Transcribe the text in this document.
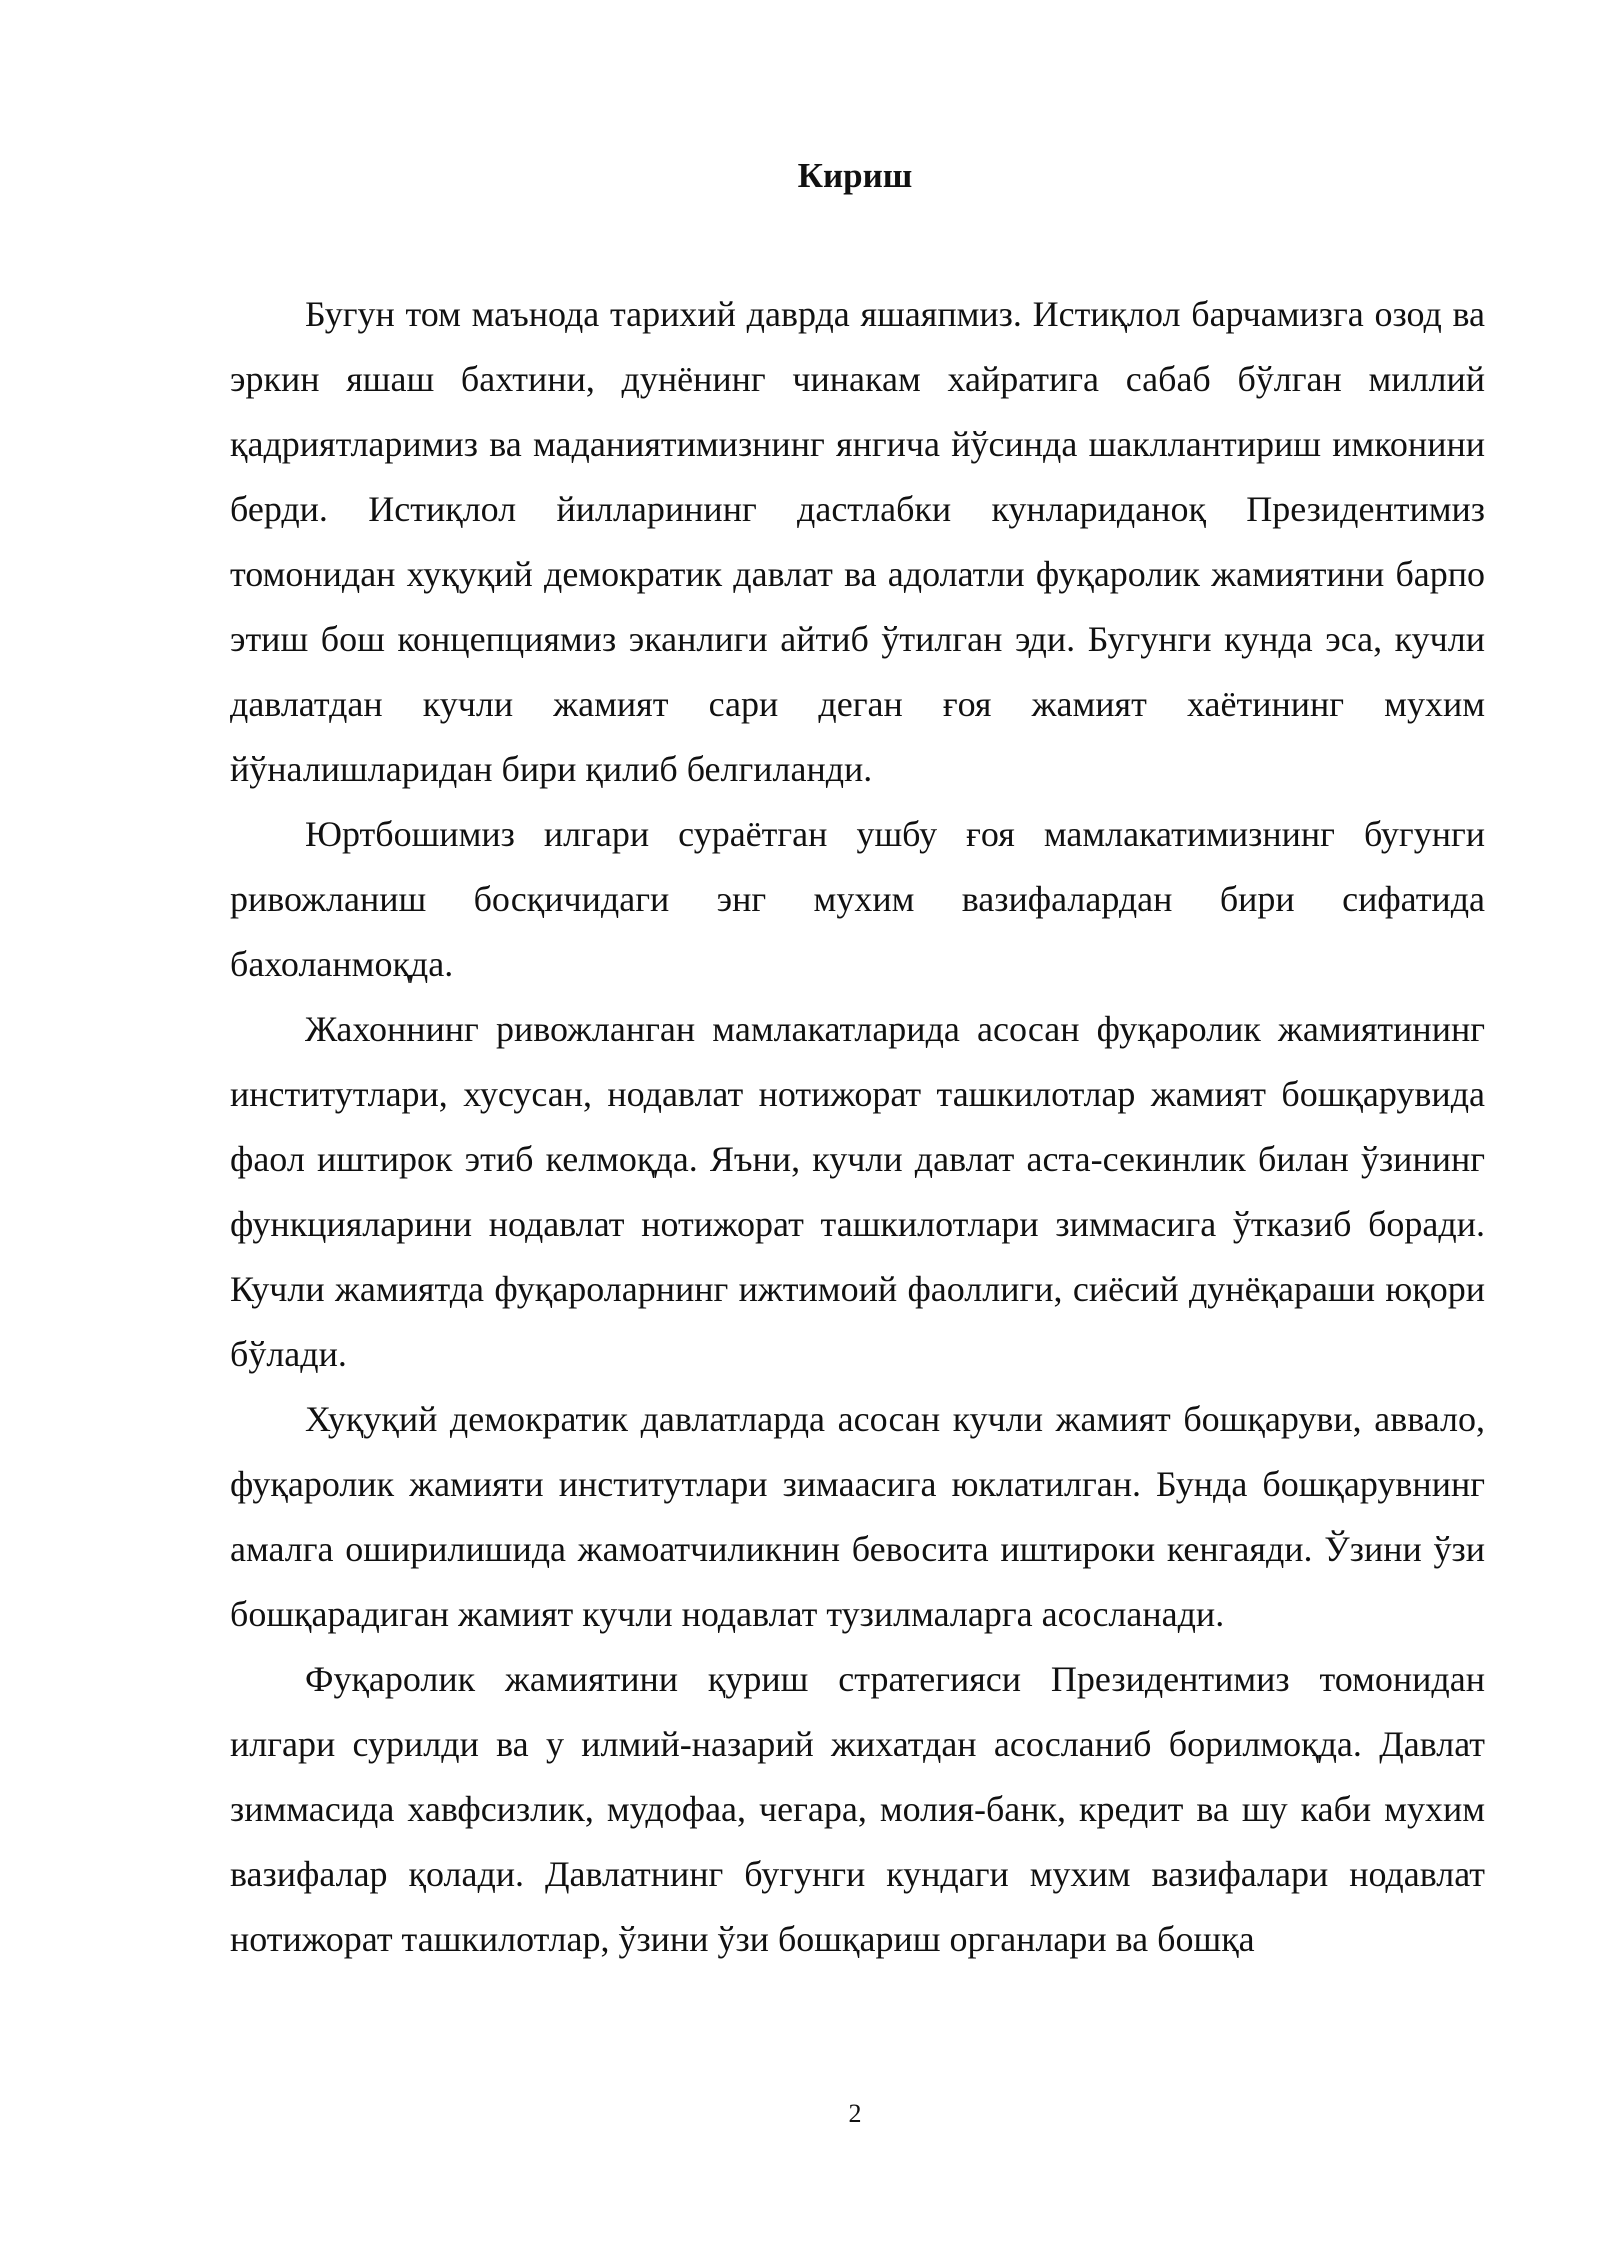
Кириш

Бугун том маънода тарихий даврда яшаяпмиз. Истиқлол барчамизга озод ва эркин яшаш бахтини, дунёнинг чинакам хайратига сабаб бўлган миллий қадриятларимиз ва маданиятимизнинг янгича йўсинда шакллантириш имконини берди. Истиқлол йилларининг дастлабки кунлариданоқ Президентимиз томонидан хуқуқий демократик давлат ва адолатли фуқаролик жамиятини барпо этиш бош концепциямиз эканлиги айтиб ўтилган эди. Бугунги кунда эса, кучли давлатдан кучли жамият сари деган ғоя жамият хаётининг мухим йўналишларидан бири қилиб белгиланди.

Юртбошимиз илгари сураётган ушбу ғоя мамлакатимизнинг бугунги ривожланиш босқичидаги энг мухим вазифалардан бири сифатида бахоланмоқда.

Жахоннинг ривожланган мамлакатларида асосан фуқаролик жамиятининг институтлари, хусусан, нодавлат нотижорат ташкилотлар жамият бошқарувида фаол иштирок этиб келмоқда. Яъни, кучли давлат аста-секинлик билан ўзининг функцияларини нодавлат нотижорат ташкилотлари зиммасига ўтказиб боради. Кучли жамиятда фуқароларнинг ижтимоий фаоллиги, сиёсий дунёқараши юқори бўлади.

Хуқуқий демократик давлатларда асосан кучли жамият бошқаруви, аввало, фуқаролик жамияти институтлари зимаасига юклатилган. Бунда бошқарувнинг амалга оширилишида жамоатчиликнин бевосита иштироки кенгаяди. Ўзини ўзи бошқарадиган жамият кучли нодавлат тузилмаларга асосланади.

Фуқаролик жамиятини қуриш стратегияси Президентимиз томонидан илгари сурилди ва у илмий-назарий жихатдан асосланиб борилмоқда. Давлат зиммасида хавфсизлик, мудофаа, чегара, молия-банк, кредит ва шу каби мухим вазифалар қолади. Давлатнинг бугунги кундаги мухим вазифалари нодавлат нотижорат ташкилотлар, ўзини ўзи бошқариш органлари ва бошқа

2
